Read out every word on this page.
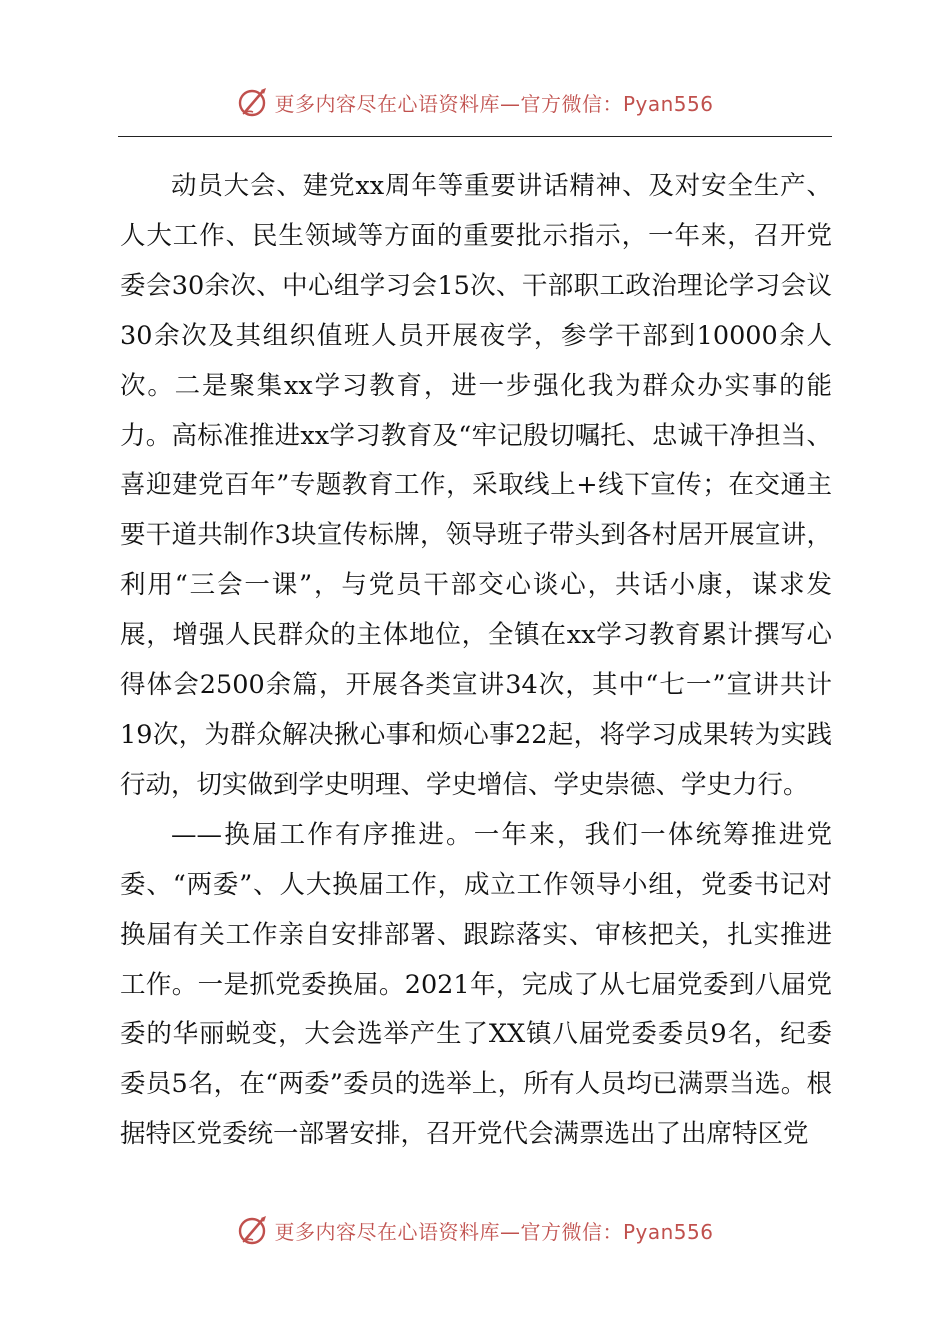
更多内容尽在心语资料库—官方微信：Pyan556

动员大会、建党xx周年等重要讲话精神、及对安全生产、人大工作、民生领域等方面的重要批示指示，一年来，召开党委会30余次、中心组学习会15次、干部职工政治理论学习会议30余次及其组织值班人员开展夜学，参学干部到10000余人次。二是聚集xx学习教育，进一步强化我为群众办实事的能力。高标准推进xx学习教育及“牢记殷切嘱托、忠诚干净担当、喜迎建党百年”专题教育工作，采取线上+线下宣传；在交通主要干道共制作3块宣传标牌，领导班子带头到各村居开展宣讲，利用“三会一课”，与党员干部交心谈心，共话小康，谋求发展，增强人民群众的主体地位，全镇在xx学习教育累计撰写心得体会2500余篇，开展各类宣讲34次，其中“七一”宣讲共计19次，为群众解决揪心事和烦心事22起，将学习成果转为实践行动，切实做到学史明理、学史增信、学史崇德、学史力行。

——换届工作有序推进。一年来，我们一体统筹推进党委、“两委”、人大换届工作，成立工作领导小组，党委书记对换届有关工作亲自安排部署、跟踪落实、审核把关，扎实推进工作。一是抓党委换届。2021年，完成了从七届党委到八届党委的华丽蜕变，大会选举产生了XX镇八届党委委员9名，纪委委员5名，在“两委”委员的选举上，所有人员均已满票当选。根据特区党委统一部署安排，召开党代会满票选出了出席特区党

更多内容尽在心语资料库—官方微信：Pyan556
